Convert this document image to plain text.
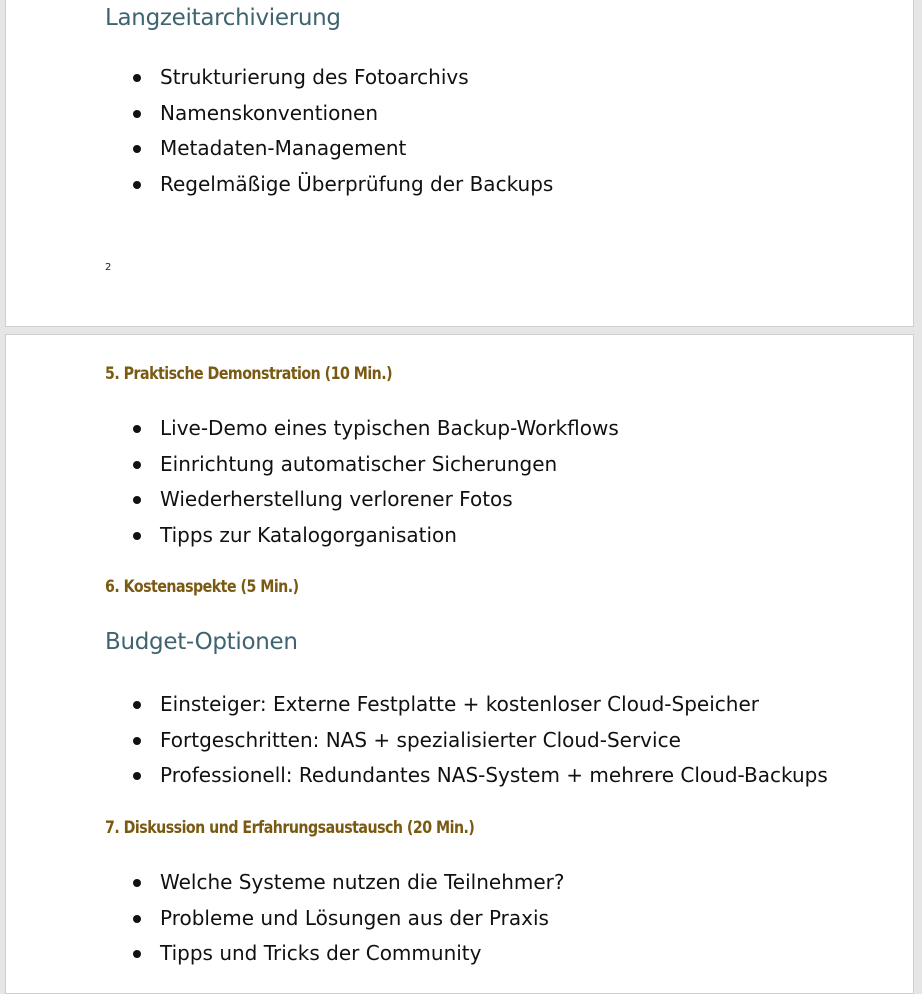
Langzeitarchivierung
Strukturierung des Fotoarchivs
Namenskonventionen
Metadaten-Management
Regelmäßige Überprüfung der Backups
2
5. Praktische Demonstration (10 Min.)
Live-Demo eines typischen Backup-Workflows
Einrichtung automatischer Sicherungen
Wiederherstellung verlorener Fotos
Tipps zur Katalogorganisation
6. Kostenaspekte (5 Min.)
Budget-Optionen
Einsteiger: Externe Festplatte + kostenloser Cloud-Speicher
Fortgeschritten: NAS + spezialisierter Cloud-Service
Professionell: Redundantes NAS-System + mehrere Cloud-Backups
7. Diskussion und Erfahrungsaustausch (20 Min.)
Welche Systeme nutzen die Teilnehmer?
Probleme und Lösungen aus der Praxis
Tipps und Tricks der Community
